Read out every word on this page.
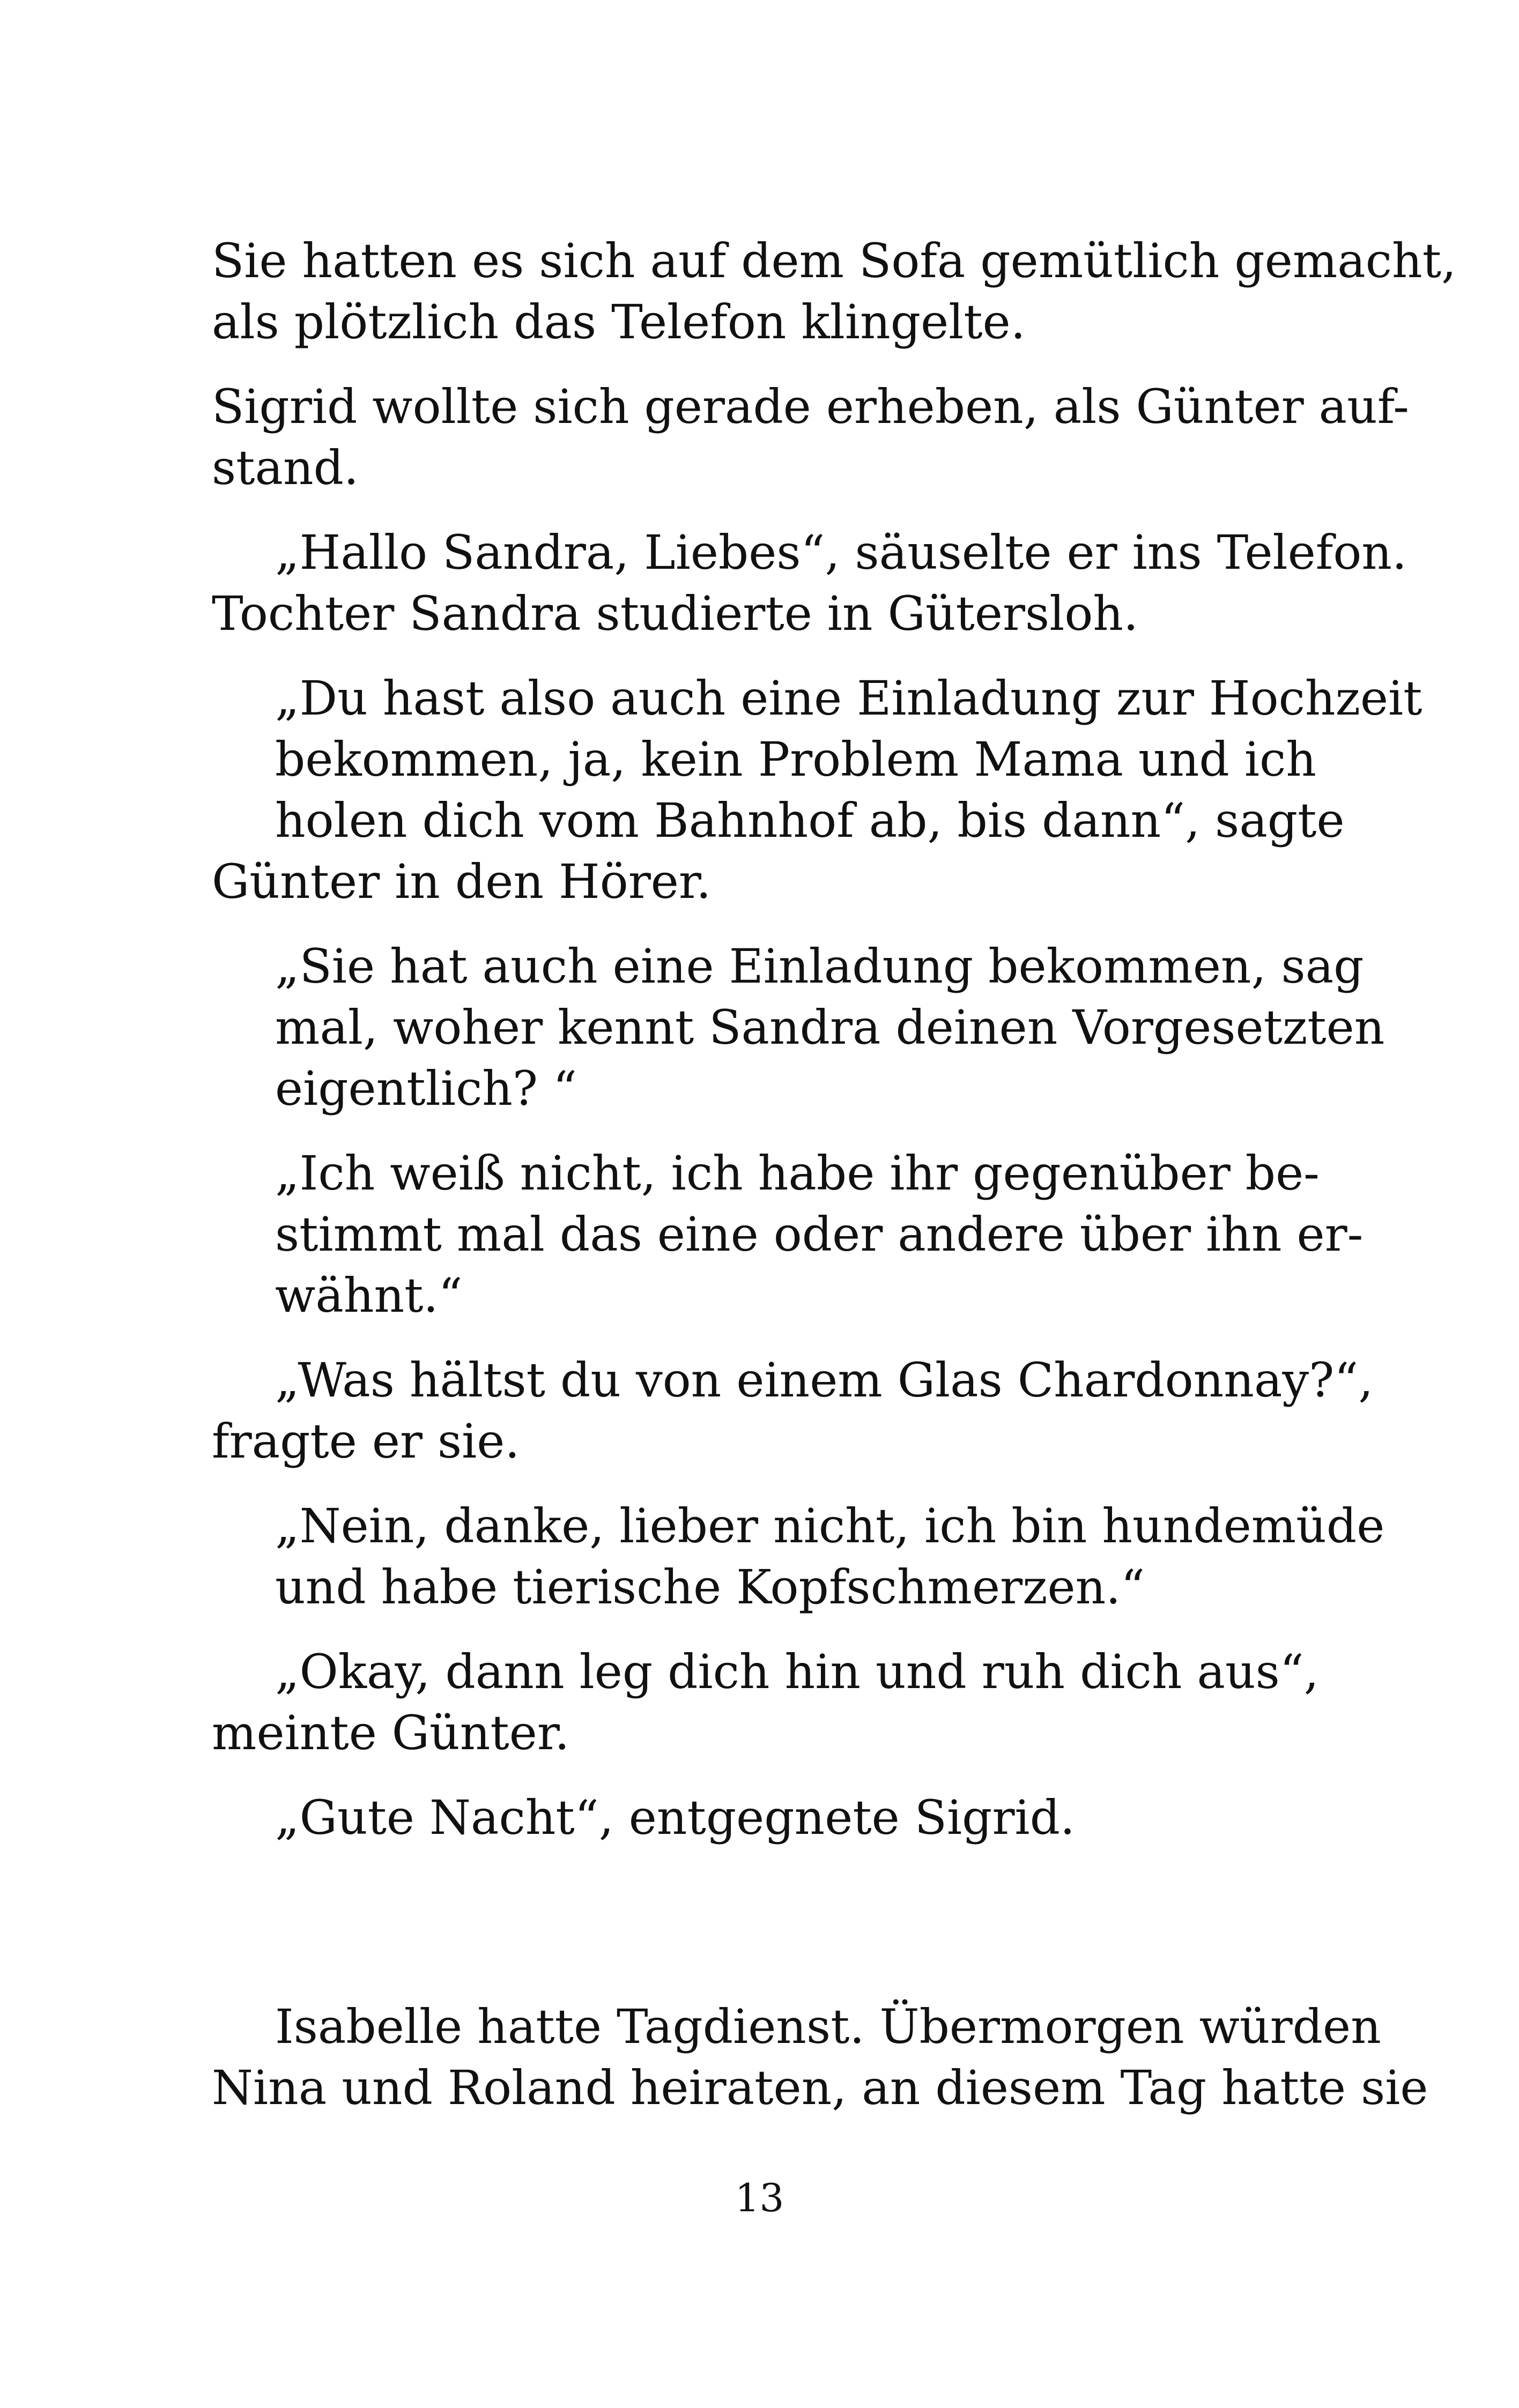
Sie hatten es sich auf dem Sofa gemütlich gemacht,
als plötzlich das Telefon klingelte.
Sigrid wollte sich gerade erheben, als Günter auf-
stand.
„Hallo Sandra, Liebes“, säuselte er ins Telefon.
Tochter Sandra studierte in Gütersloh.
„Du hast also auch eine Einladung zur Hochzeit
bekommen, ja, kein Problem Mama und ich
holen dich vom Bahnhof ab, bis dann“, sagte
Günter in den Hörer.
„Sie hat auch eine Einladung bekommen, sag
mal, woher kennt Sandra deinen Vorgesetzten
eigentlich? “
„Ich weiß nicht, ich habe ihr gegenüber be-
stimmt mal das eine oder andere über ihn er-
wähnt.“
„Was hältst du von einem Glas Chardonnay?“,
fragte er sie.
„Nein, danke, lieber nicht, ich bin hundemüde
und habe tierische Kopfschmerzen.“
„Okay, dann leg dich hin und ruh dich aus“,
meinte Günter.
„Gute Nacht“, entgegnete Sigrid.
Isabelle hatte Tagdienst. Übermorgen würden
Nina und Roland heiraten, an diesem Tag hatte sie
13
